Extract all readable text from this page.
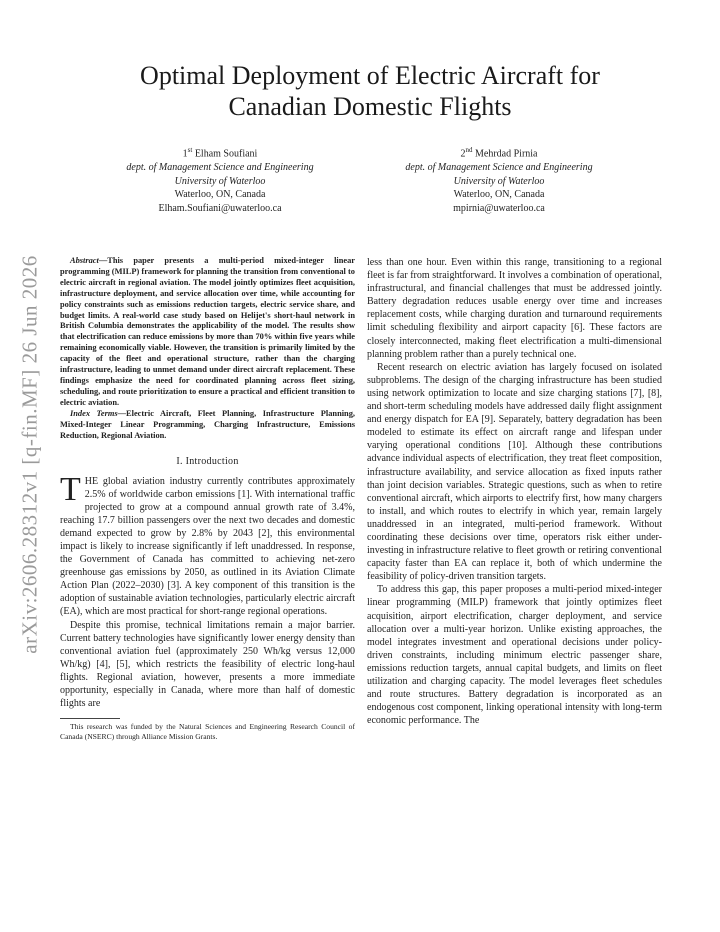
arXiv:2606.28312v1 [q-fin.MF] 26 Jun 2026
Optimal Deployment of Electric Aircraft for
Canadian Domestic Flights
1st Elham Soufiani
dept. of Management Science and Engineering
University of Waterloo
Waterloo, ON, Canada
Elham.Soufiani@uwaterloo.ca
2nd Mehrdad Pirnia
dept. of Management Science and Engineering
University of Waterloo
Waterloo, ON, Canada
mpirnia@uwaterloo.ca

Abstract—This paper presents a multi-period mixed-integer linear programming (MILP) framework for planning the transition from conventional to electric aircraft in regional aviation. The model jointly optimizes fleet acquisition, infrastructure deployment, and service allocation over time, while accounting for policy constraints such as emissions reduction targets, electric service share, and budget limits. A real-world case study based on Helijet's short-haul network in British Columbia demonstrates the applicability of the model. The results show that electrification can reduce emissions by more than 70% within five years while remaining economically viable. However, the transition is primarily limited by the capacity of the fleet and operational structure, rather than the charging infrastructure, leading to unmet demand under direct aircraft replacement. These findings emphasize the need for coordinated planning across fleet sizing, scheduling, and route prioritization to ensure a practical and efficient transition to electric aviation.

Index Terms—Electric Aircraft, Fleet Planning, Infrastructure Planning, Mixed-Integer Linear Programming, Charging Infrastructure, Emissions Reduction, Regional Aviation.

I. Introduction

THE global aviation industry currently contributes approximately 2.5% of worldwide carbon emissions [1]. With international traffic projected to grow at a compound annual growth rate of 3.4%, reaching 17.7 billion passengers over the next two decades and domestic demand expected to grow by 2.8% by 2043 [2], this environmental impact is likely to increase significantly if left unaddressed. In response, the Government of Canada has committed to achieving net-zero greenhouse gas emissions by 2050, as outlined in its Aviation Climate Action Plan (2022–2030) [3]. A key component of this transition is the adoption of sustainable aviation technologies, particularly electric aircraft (EA), which are most practical for short-range regional operations.

Despite this promise, technical limitations remain a major barrier. Current battery technologies have significantly lower energy density than conventional aviation fuel (approximately 250 Wh/kg versus 12,000 Wh/kg) [4], [5], which restricts the feasibility of electric long-haul flights. Regional aviation, however, presents a more immediate opportunity, especially in Canada, where more than half of domestic flights are

This research was funded by the Natural Sciences and Engineering Research Council of Canada (NSERC) through Alliance Mission Grants.

less than one hour. Even within this range, transitioning to a regional fleet is far from straightforward. It involves a combination of operational, infrastructural, and financial challenges that must be addressed jointly. Battery degradation reduces usable energy over time and increases replacement costs, while charging duration and turnaround requirements limit scheduling flexibility and airport capacity [6]. These factors are closely interconnected, making fleet electrification a multi-dimensional planning problem rather than a purely technical one.

Recent research on electric aviation has largely focused on isolated subproblems. The design of the charging infrastructure has been studied using network optimization to locate and size charging stations [7], [8], and short-term scheduling models have addressed daily flight assignment and energy dispatch for EA [9]. Separately, battery degradation has been modeled to estimate its effect on aircraft range and lifespan under varying operational conditions [10]. Although these contributions advance individual aspects of electrification, they treat fleet composition, infrastructure availability, and service allocation as fixed inputs rather than joint decision variables. Strategic questions, such as when to retire conventional aircraft, which airports to electrify first, how many chargers to install, and which routes to electrify in which year, remain largely unaddressed in an integrated, multi-period framework. Without coordinating these decisions over time, operators risk either under-investing in infrastructure relative to fleet growth or retiring conventional capacity faster than EA can replace it, both of which undermine the feasibility of policy-driven transition targets.

To address this gap, this paper proposes a multi-period mixed-integer linear programming (MILP) framework that jointly optimizes fleet acquisition, airport electrification, charger deployment, and service allocation over a multi-year horizon. Unlike existing approaches, the model integrates investment and operational decisions under policy-driven constraints, including minimum electric passenger share, emissions reduction targets, annual capital budgets, and limits on fleet utilization and charging capacity. The model leverages fleet schedules and route structures. Battery degradation is incorporated as an endogenous cost component, linking operational intensity with long-term economic performance. The
